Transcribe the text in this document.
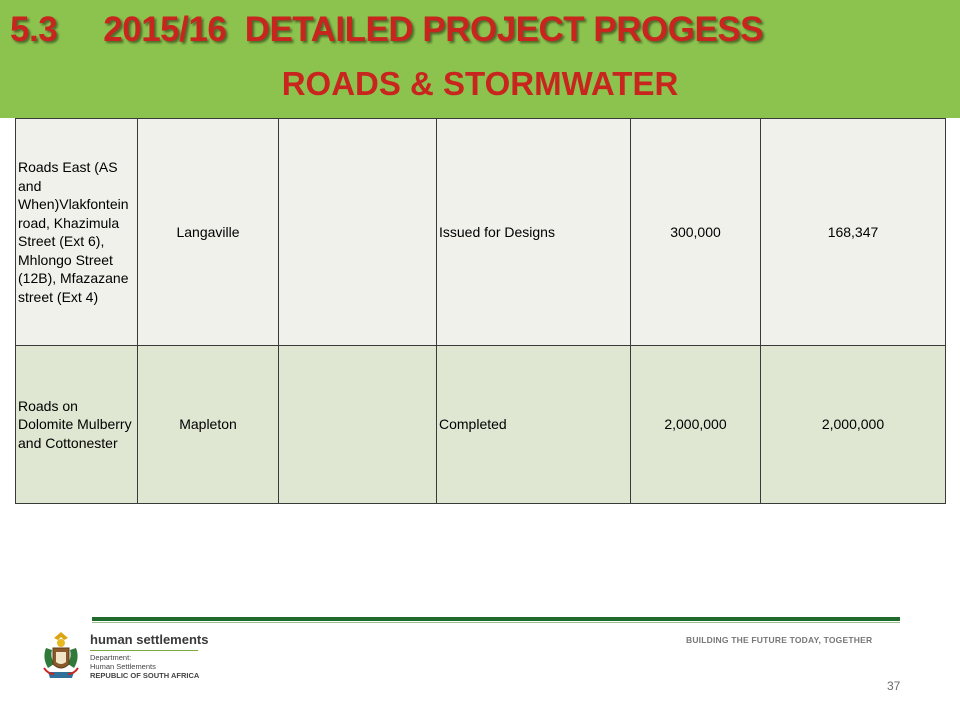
5.3     2015/16  DETAILED PROJECT PROGESS
ROADS & STORMWATER
Roads East (AS and When)Vlakfontein road, Khazimula Street (Ext 6), Mhlongo Street (12B), Mfazazane street (Ext 4)	Langaville		Issued for Designs	300,000	168,347
Roads on Dolomite Mulberry and Cottonester	Mapleton		Completed	2,000,000	2,000,000
human settlements
Department:
Human Settlements
REPUBLIC OF SOUTH AFRICA
BUILDING THE FUTURE TODAY, TOGETHER
37
